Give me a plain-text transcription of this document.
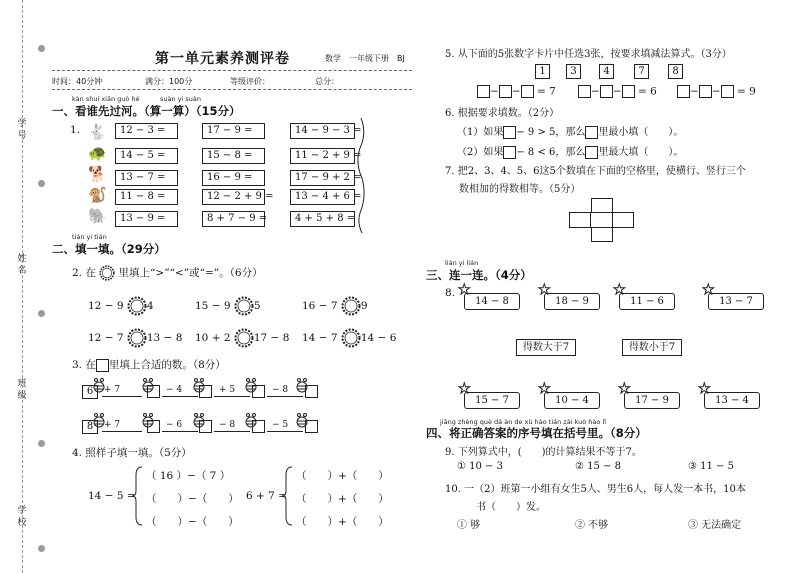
学号
姓名
班级
学校
第一单元素养测评卷	数学　一年级下册　BJ
时间：40分钟	满分：100分	等级评价：	总分：
kàn shuí xiān guò hé	suàn yi suàn
一、看谁先过河。（算一算）（15分）
1. 🐇
🐢
🐕
🐒
🐘
12 − 3 =	17 − 9 =	14 − 9 − 3 =
14 − 5 =	15 − 8 =	11 − 2 + 9 =
13 − 7 =	16 − 9 =	17 − 9 + 2 =
11 − 8 =	12 − 2 + 9 =	13 − 4 + 6 =
13 − 9 =	8 + 7 − 9 =	4 + 5 + 8 =
tián yi tián
二、填一填。（29分）
2. 在 里填上“>”“<”或“=”。（6分）
12 − 9 4	15 − 9 5	16 − 7 9
12 − 7 13 − 8 10 + 2 17 − 8 14 − 7 14 − 6
3. 在 里填上合适的数。（8分）
6	+ 7	− 4	+ 5	− 8
8	+ 7	− 6	− 8	− 5
4. 照样子填一填。（5分）
14 − 5 =
（ 16 ）−（ 7 ）
（　　）−（　　）
（　　）−（　　）
6 + 7 =
（　　）+（　　）
（　　）+（　　）
（　　）+（　　）
5. 从下面的5张数字卡片中任选3张，按要求填减法算式。（3分）
1	3	4	7	8
− − = 7	− − = 6	− − = 9
6. 根据要求填数。（2分）
（1）如果 − 9 > 5，那么 里最小填（　　）。
（2）如果 − 8 < 6，那么 里最大填（　　）。
7. 把2、3、4、5、6这5个数填在下面的空格里，使横行、竖行三个
数相加的得数相等。（5分）
lián yi lián
三、连一连。（4分）
8. ★
14 − 8
★
18 − 9
★
11 − 6
★
13 − 7
得数大于7	得数小于7
★
15 − 7
★
10 − 4
★
17 − 9
★
13 − 4
jiāng zhèng què dá àn de xù hào tián zài kuò hào lǐ
四、将正确答案的序号填在括号里。（8分）
9. 下列算式中，(　　)的计算结果不等于7。
① 10 − 3	② 15 − 8	③ 11 − 5
10. 一（2）班第一小组有女生5人、男生6人，每人发一本书，10本
书（　　）发。
① 够	② 不够	③ 无法确定
